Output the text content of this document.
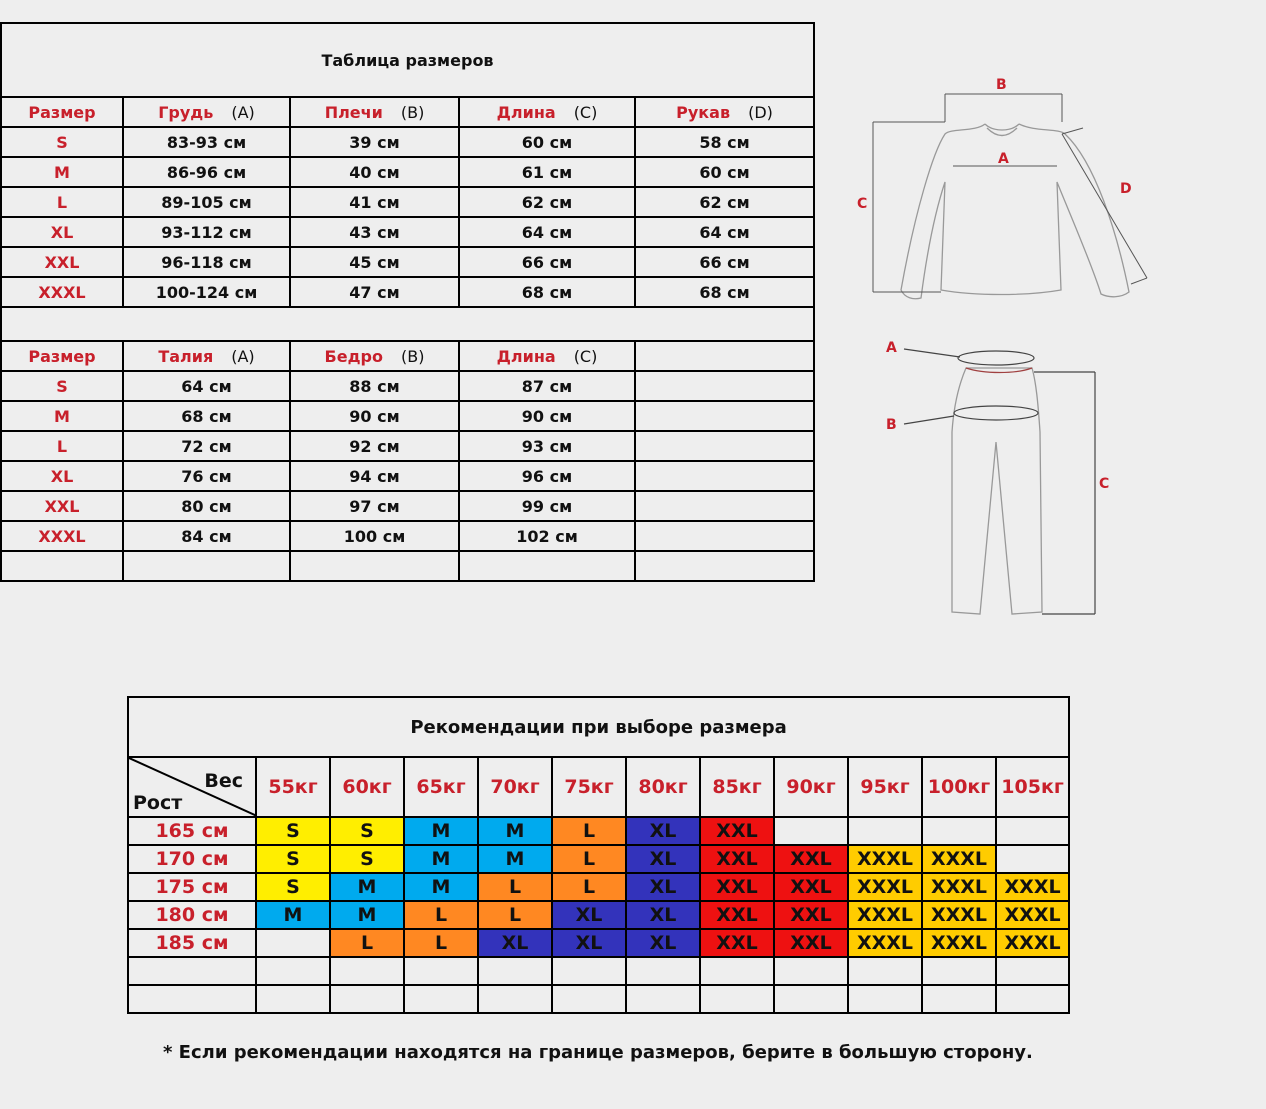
Таблица размеров				
Размер	Грудь (A)	Плечи (B)	Длина (C)	Рукав (D)
S	83-93 см	39 см	60 см	58 см
M	86-96 см	40 см	61 см	60 см
L	89-105 см	41 см	62 см	62 см
XL	93-112 см	43 см	64 см	64 см
XXL	96-118 см	45 см	66 см	66 см
XXXL	100-124 см	47 см	68 см	68 см

Размер	Талия (A)	Бедро (B)	Длина (C)	
S	64 см	88 см	87 см	
M	68 см	90 см	90 см	
L	72 см	92 см	93 см	
XL	76 см	94 см	96 см	
XXL	80 см	97 см	99 см	
XXXL	84 см	100 см	102 см	

B
A
C
D
A
B
C
Рекомендации при выборе размера											

Вес
Рост	55кг	60кг	65кг	70кг	75кг	80кг	85кг	90кг	95кг	100кг	105кг
165 см	S	S	M	M	L	XL	XXL				
170 см	S	S	M	M	L	XL	XXL	XXL	XXXL	XXXL	
175 см	S	M	M	L	L	XL	XXL	XXL	XXXL	XXXL	XXXL
180 см	M	M	L	L	XL	XL	XXL	XXL	XXXL	XXXL	XXXL
185 см		L	L	XL	XL	XL	XXL	XXL	XXXL	XXXL	XXXL

* Если рекомендации находятся на границе размеров, берите в большую сторону.
